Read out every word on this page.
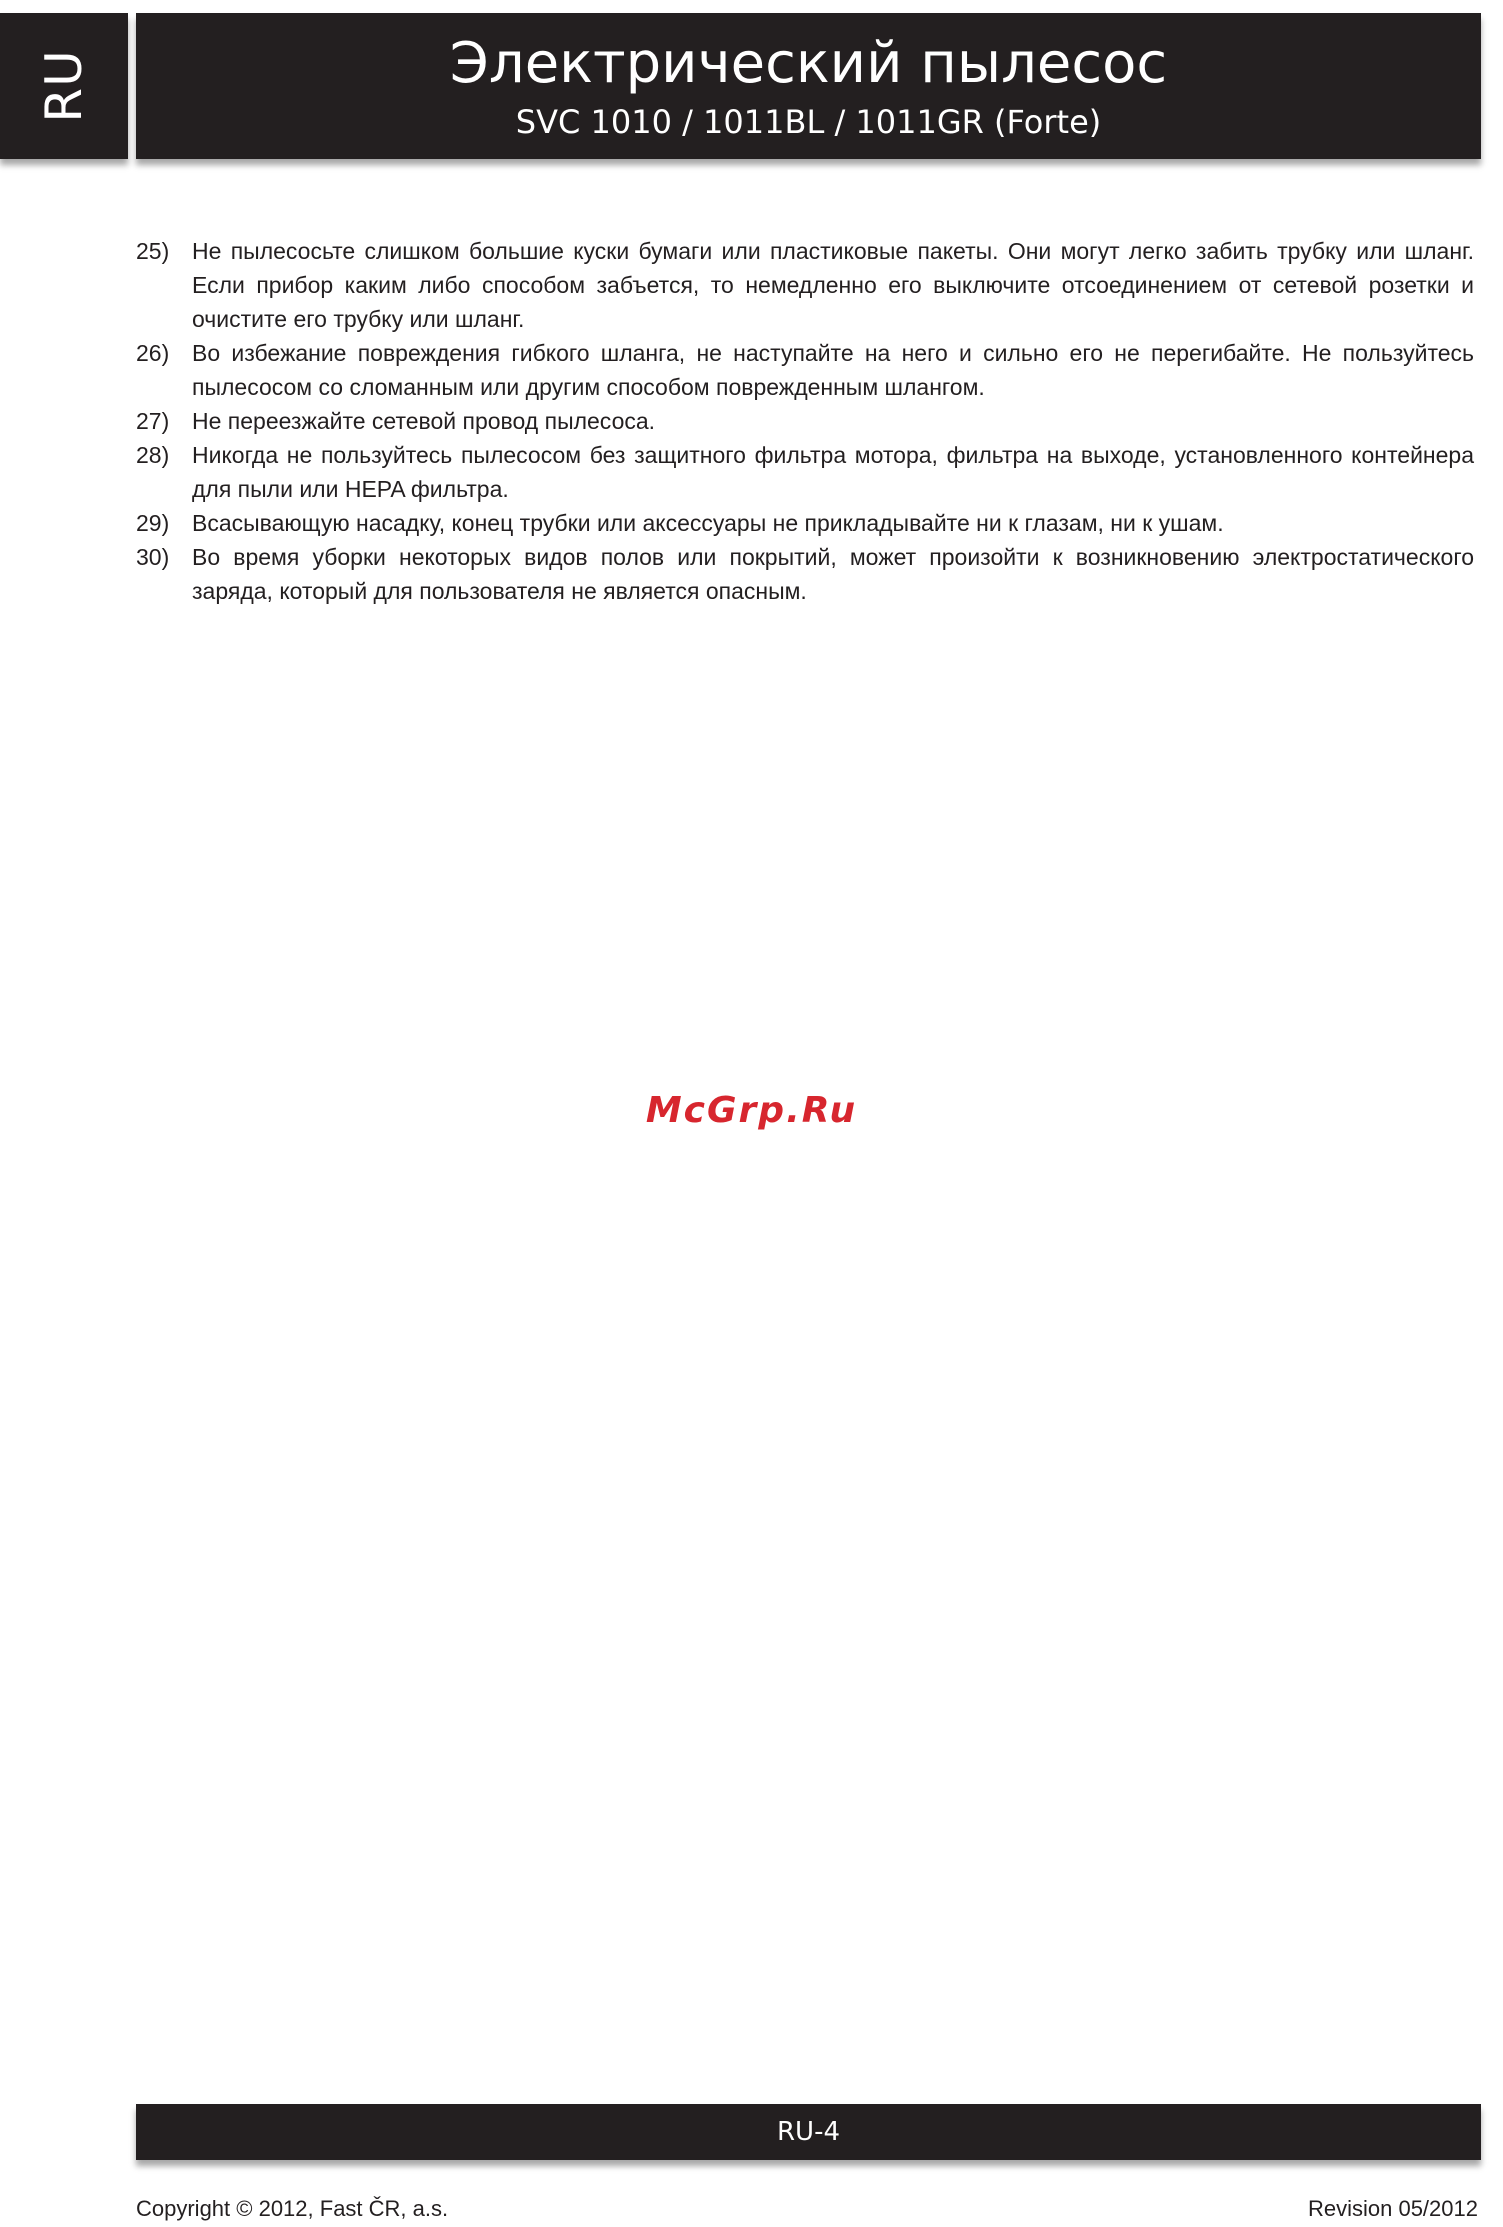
RU	Электрический пылесос
SVC 1010 / 1011BL / 1011GR (Forte)
25) Не пылесосьте слишком большие куски бумаги или пластиковые пакеты. Они могут легко забить трубку или шланг. Если прибор каким либо способом забъется, то немедленно его выключите отсоединением от сетевой розетки и очистите его трубку или шланг.
26) Во избежание повреждения гибкого шланга, не наступайте на него и сильно его не перегибайте. Не пользуйтесь пылесосом со сломанным или другим способом поврежденным шлангом.
27) Не переезжайте сетевой провод пылесоса.
28) Никогда не пользуйтесь пылесосом без защитного фильтра мотора, фильтра на выходе, установленного контейнера для пыли или HEPA фильтра.
29) Всасывающую насадку, конец трубки или аксессуары не прикладывайте ни к глазам, ни к ушам.
30) Во время уборки некоторых видов полов или покрытий, может произойти к возникновению электростатического заряда, который для пользователя не является опасным.
McGrp.Ru
RU-4
Copyright © 2012, Fast ČR, a.s.	Revision 05/2012
